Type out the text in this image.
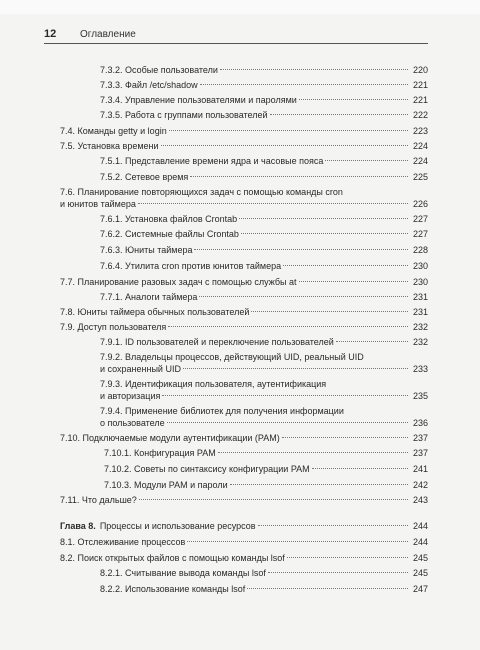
12	Оглавление
7.3.2. Особые пользователи	220
7.3.3. Файл /etc/shadow	221
7.3.4. Управление пользователями и паролями	221
7.3.5. Работа с группами пользователей	222
7.4. Команды getty и login	223
7.5. Установка времени	224
7.5.1. Представление времени ядра и часовые пояса	224
7.5.2. Сетевое время	225
7.6. Планирование повторяющихся задач с помощью команды cron
и юнитов таймера	226
7.6.1. Установка файлов Crontab	227
7.6.2. Системные файлы Crontab	227
7.6.3. Юниты таймера	228
7.6.4. Утилита cron против юнитов таймера	230
7.7. Планирование разовых задач с помощью службы at	230
7.7.1. Аналоги таймера	231
7.8. Юниты таймера обычных пользователей	231
7.9. Доступ пользователя	232
7.9.1. ID пользователей и переключение пользователей	232
7.9.2. Владельцы процессов, действующий UID, реальный UID
и сохраненный UID	233
7.9.3. Идентификация пользователя, аутентификация
и авторизация	235
7.9.4. Применение библиотек для получения информации
о пользователе	236
7.10. Подключаемые модули аутентификации (PAM)	237
7.10.1. Конфигурация PAM	237
7.10.2. Советы по синтаксису конфигурации PAM	241
7.10.3. Модули PAM и пароли	242
7.11. Что дальше?	243
Глава 8. Процессы и использование ресурсов	244
8.1. Отслеживание процессов	244
8.2. Поиск открытых файлов с помощью команды lsof	245
8.2.1. Считывание вывода команды lsof	245
8.2.2. Использование команды lsof	247
